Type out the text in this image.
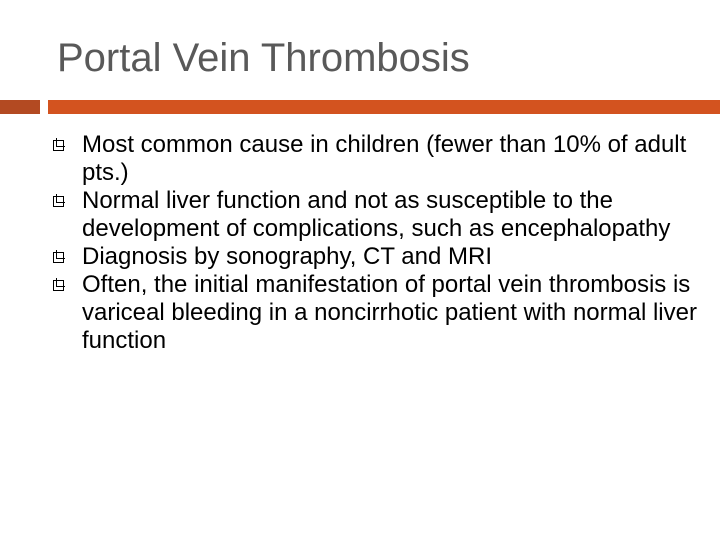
Portal Vein Thrombosis
Most common cause in children (fewer than 10% of adult pts.)
Normal liver function and not as susceptible to the development of complications, such as encephalopathy
Diagnosis by sonography, CT and MRI
Often, the initial manifestation of portal vein thrombosis is variceal bleeding in a noncirrhotic patient with normal liver function
